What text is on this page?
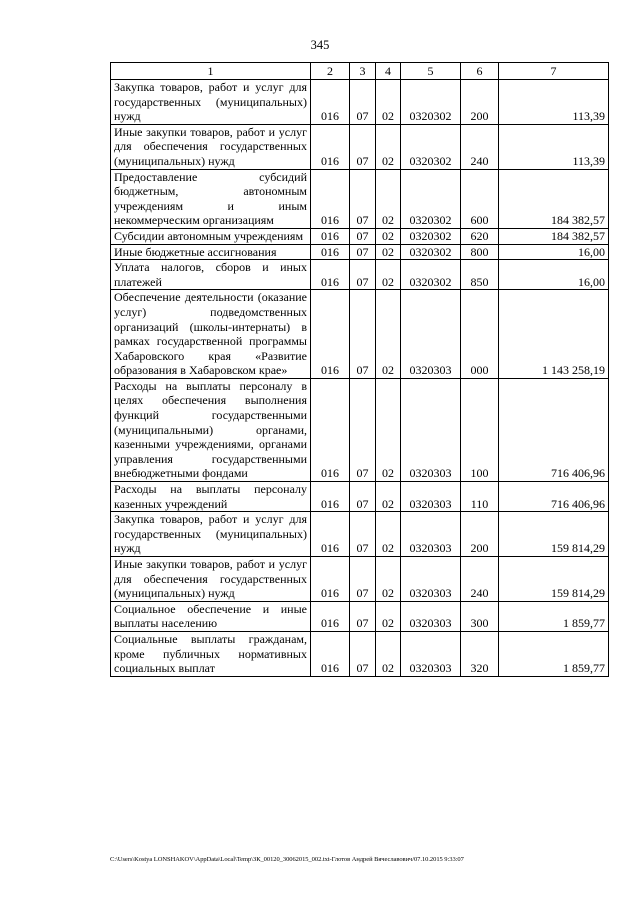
345
1	2	3	4	5	6	7
Закупка товаров, работ и услуг для государственных (муниципальных) нужд	016	07	02	0320302	200	113,39
Иные закупки товаров, работ и услуг для обеспечения государственных (муниципальных) нужд	016	07	02	0320302	240	113,39
Предоставление субсидий бюджетным, автономным учреждениям и иным некоммерческим организациям	016	07	02	0320302	600	184 382,57
Субсидии автономным учреждениям	016	07	02	0320302	620	184 382,57
Иные бюджетные ассигнования	016	07	02	0320302	800	16,00
Уплата налогов, сборов и иных платежей	016	07	02	0320302	850	16,00
Обеспечение деятельности (оказание услуг) подведомственных организаций (школы-интернаты) в рамках государственной программы Хабаровского края «Развитие образования в Хабаровском крае»	016	07	02	0320303	000	1 143 258,19
Расходы на выплаты персоналу в целях обеспечения выполнения функций государственными (муниципальными) органами, казенными учреждениями, органами управления государственными внебюджетными фондами	016	07	02	0320303	100	716 406,96
Расходы на выплаты персоналу казенных учреждений	016	07	02	0320303	110	716 406,96
Закупка товаров, работ и услуг для государственных (муниципальных) нужд	016	07	02	0320303	200	159 814,29
Иные закупки товаров, работ и услуг для обеспечения государственных (муниципальных) нужд	016	07	02	0320303	240	159 814,29
Социальное обеспечение и иные выплаты населению	016	07	02	0320303	300	1 859,77
Социальные выплаты гражданам, кроме публичных нормативных социальных выплат	016	07	02	0320303	320	1 859,77
C:\Users\Kostya LONSHAKOV\AppData\Local\Temp\ЗК_00120_30062015_002.txt-Глотов Андрей Вячеславович/07.10.2015 9:33:07
